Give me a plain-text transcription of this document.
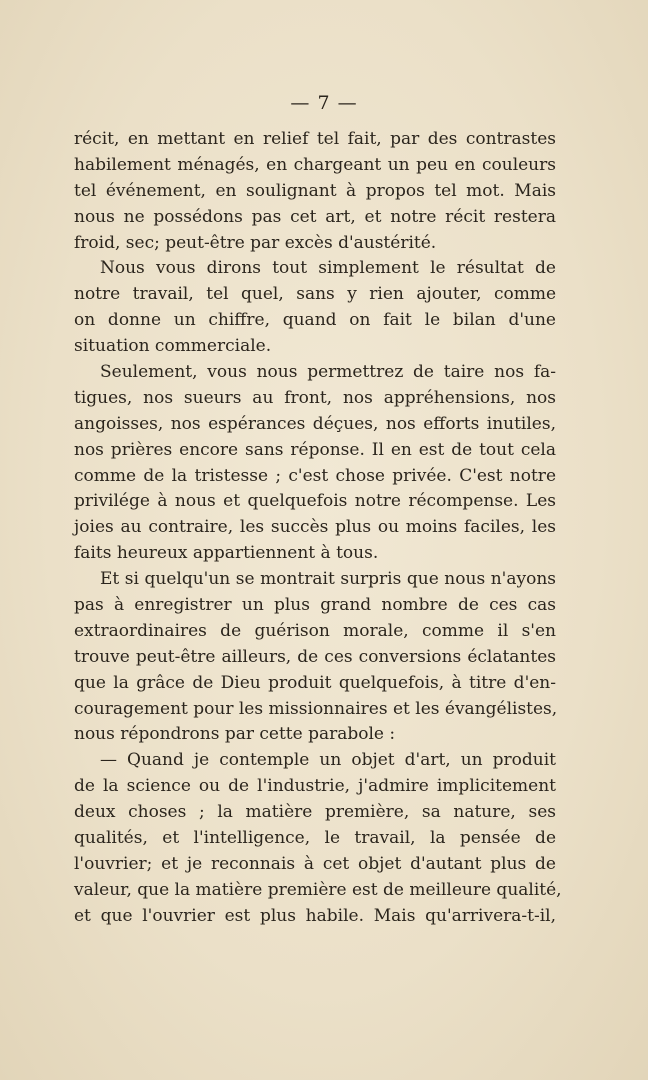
— 7 —
récit, en mettant en relief tel fait, par des contrastes
habilement ménagés, en chargeant un peu en couleurs
tel événement, en soulignant à propos tel mot. Mais
nous ne possédons pas cet art, et notre récit restera
froid, sec; peut-être par excès d'austérité.
Nous vous dirons tout simplement le résultat de
notre travail, tel quel, sans y rien ajouter, comme
on donne un chiffre, quand on fait le bilan d'une
situation commerciale.
Seulement, vous nous permettrez de taire nos fa-
tigues, nos sueurs au front, nos appréhensions, nos
angoisses, nos espérances déçues, nos efforts inutiles,
nos prières encore sans réponse. Il en est de tout cela
comme de la tristesse ; c'est chose privée. C'est notre
privilége à nous et quelquefois notre récompense. Les
joies au contraire, les succès plus ou moins faciles, les
faits heureux appartiennent à tous.
Et si quelqu'un se montrait surpris que nous n'ayons
pas à enregistrer un plus grand nombre de ces cas
extraordinaires de guérison morale, comme il s'en
trouve peut-être ailleurs, de ces conversions éclatantes
que la grâce de Dieu produit quelquefois, à titre d'en-
couragement pour les missionnaires et les évangélistes,
nous répondrons par cette parabole :
— Quand je contemple un objet d'art, un produit
de la science ou de l'industrie, j'admire implicitement
deux choses ; la matière première, sa nature, ses
qualités, et l'intelligence, le travail, la pensée de
l'ouvrier; et je reconnais à cet objet d'autant plus de
valeur, que la matière première est de meilleure qualité,
et que l'ouvrier est plus habile. Mais qu'arrivera-t-il,
